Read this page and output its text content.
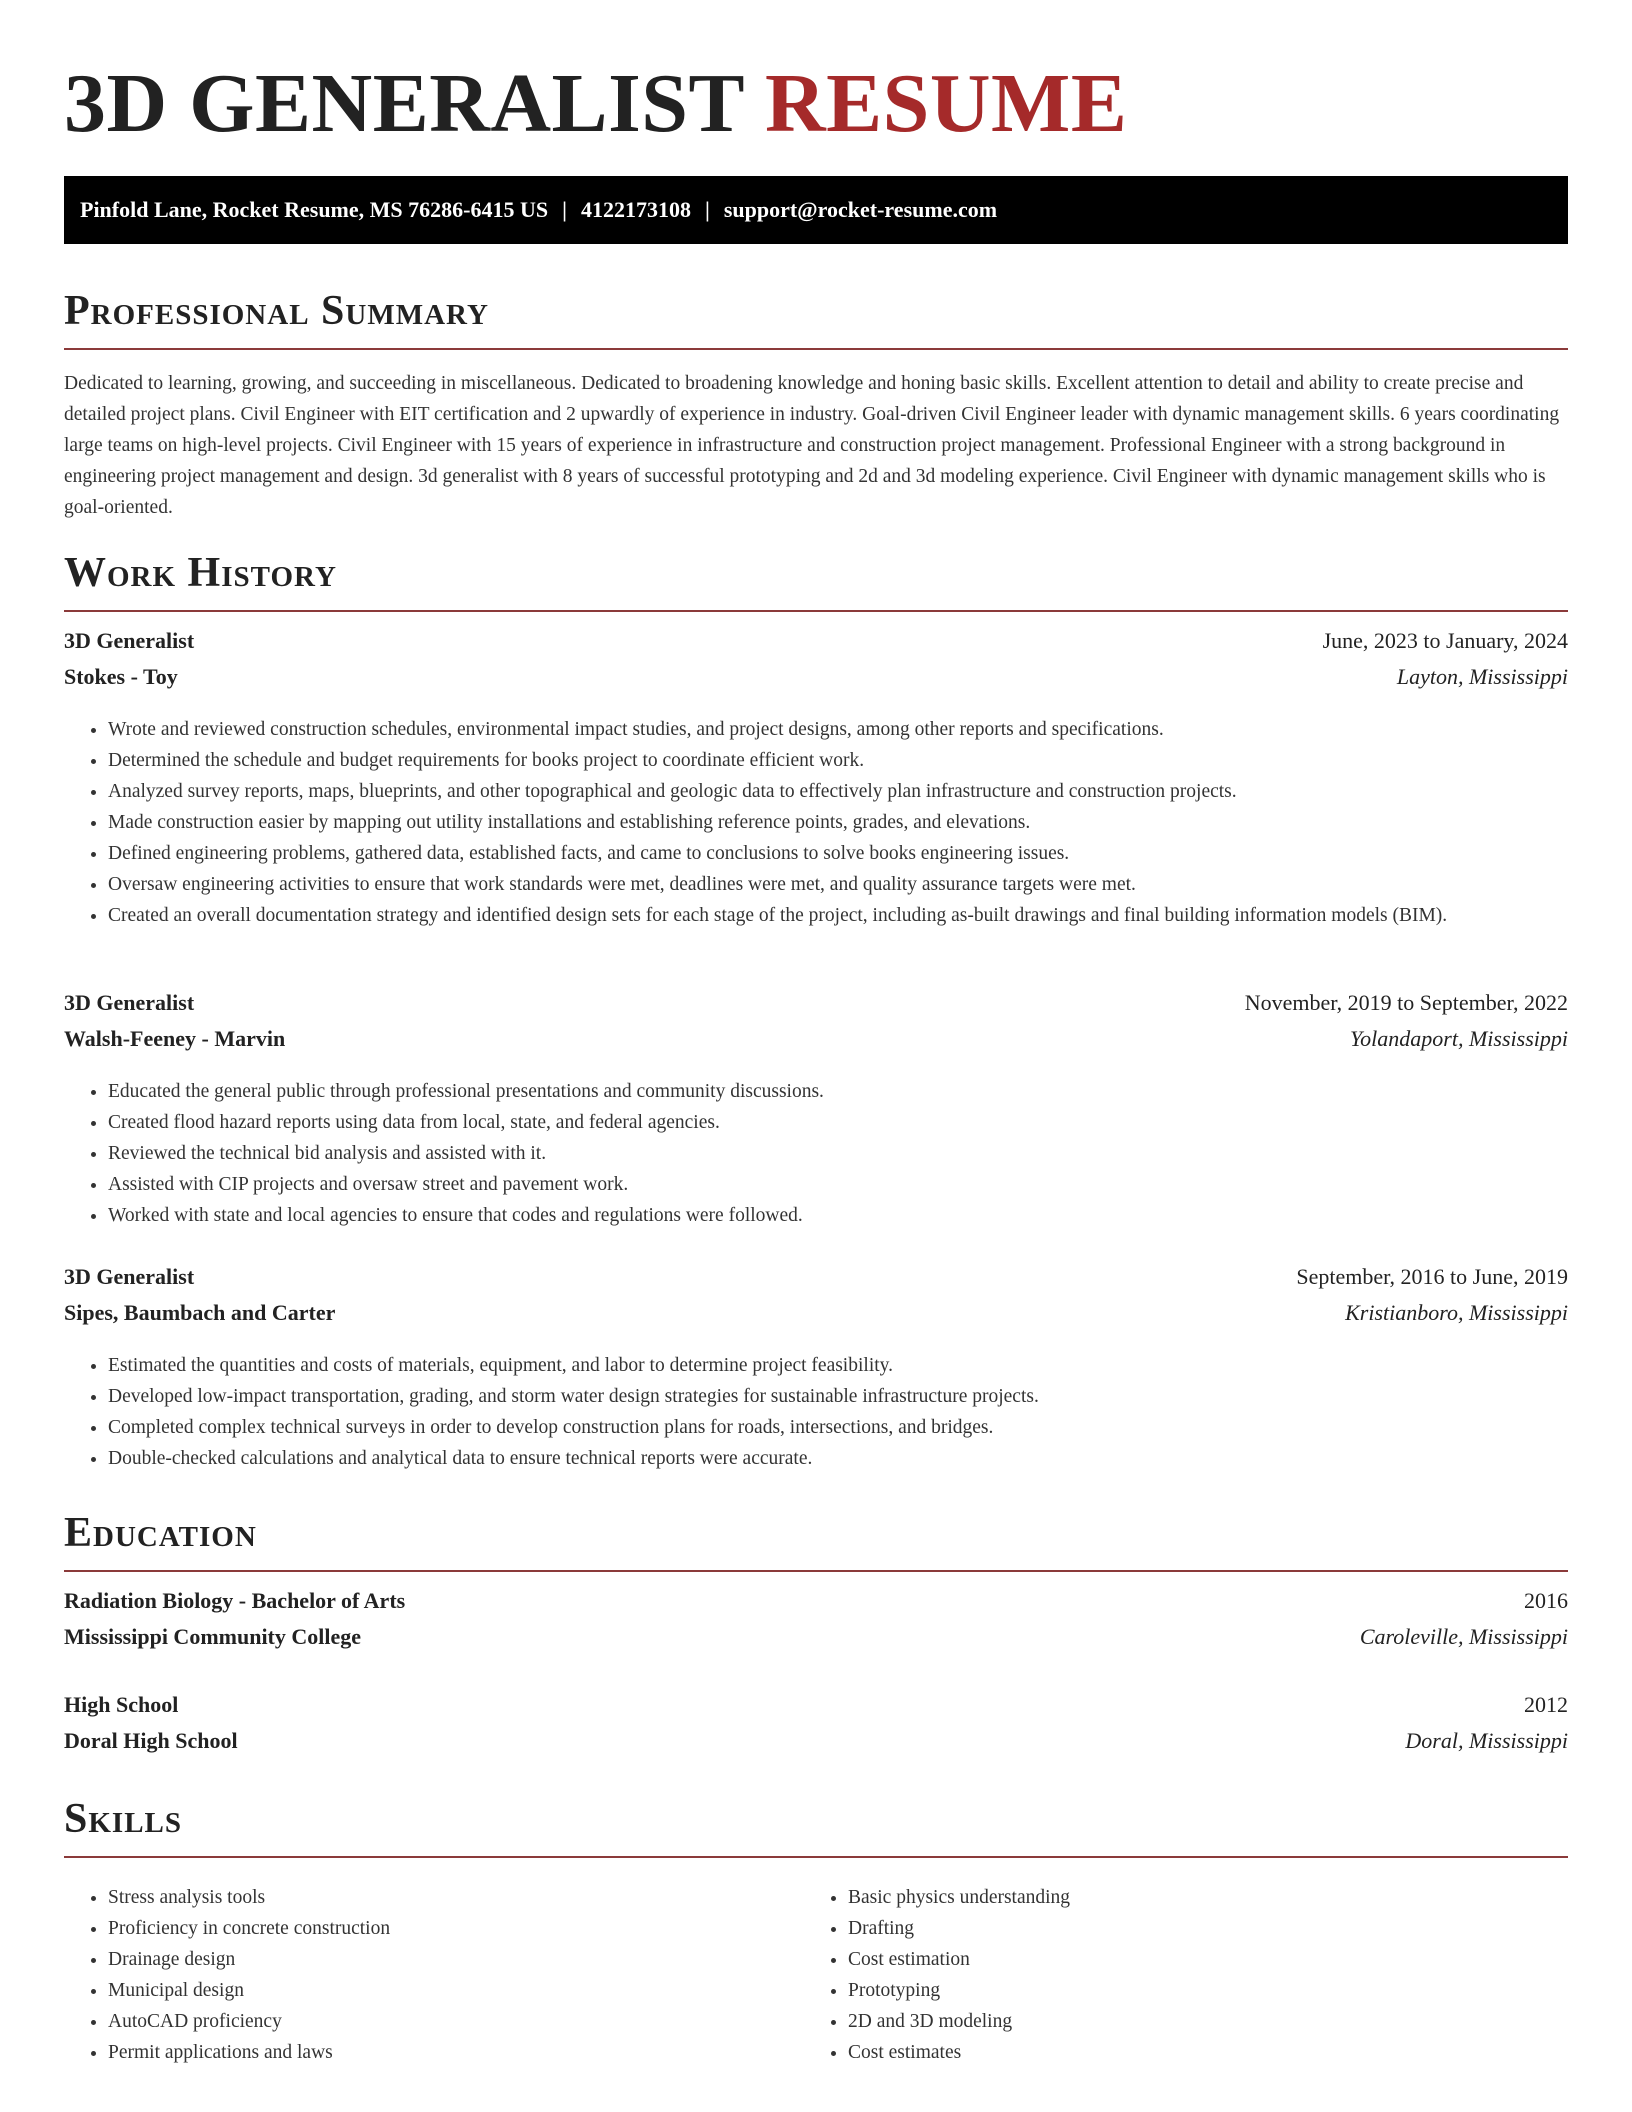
3D GENERALIST RESUME
Pinfold Lane, Rocket Resume, MS 76286-6415 US | 4122173108 | support@rocket-resume.com
Professional Summary

Dedicated to learning, growing, and succeeding in miscellaneous. Dedicated to broadening knowledge and honing basic skills. Excellent attention to detail and ability to create precise and detailed project plans. Civil Engineer with EIT certification and 2 upwardly of experience in industry. Goal-driven Civil Engineer leader with dynamic management skills. 6 years coordinating large teams on high-level projects. Civil Engineer with 15 years of experience in infrastructure and construction project management. Professional Engineer with a strong background in engineering project management and design. 3d generalist with 8 years of successful prototyping and 2d and 3d modeling experience. Civil Engineer with dynamic management skills who is goal-oriented.

Work History
3D Generalist	June, 2023 to January, 2024
Stokes - Toy	Layton, Mississippi
• Wrote and reviewed construction schedules, environmental impact studies, and project designs, among other reports and specifications.
• Determined the schedule and budget requirements for books project to coordinate efficient work.
• Analyzed survey reports, maps, blueprints, and other topographical and geologic data to effectively plan infrastructure and construction projects.
• Made construction easier by mapping out utility installations and establishing reference points, grades, and elevations.
• Defined engineering problems, gathered data, established facts, and came to conclusions to solve books engineering issues.
• Oversaw engineering activities to ensure that work standards were met, deadlines were met, and quality assurance targets were met.
• Created an overall documentation strategy and identified design sets for each stage of the project, including as-built drawings and final building information models (BIM).
3D Generalist	November, 2019 to September, 2022
Walsh-Feeney - Marvin	Yolandaport, Mississippi
• Educated the general public through professional presentations and community discussions.
• Created flood hazard reports using data from local, state, and federal agencies.
• Reviewed the technical bid analysis and assisted with it.
• Assisted with CIP projects and oversaw street and pavement work.
• Worked with state and local agencies to ensure that codes and regulations were followed.
3D Generalist	September, 2016 to June, 2019
Sipes, Baumbach and Carter	Kristianboro, Mississippi
• Estimated the quantities and costs of materials, equipment, and labor to determine project feasibility.
• Developed low-impact transportation, grading, and storm water design strategies for sustainable infrastructure projects.
• Completed complex technical surveys in order to develop construction plans for roads, intersections, and bridges.
• Double-checked calculations and analytical data to ensure technical reports were accurate.
Education
Radiation Biology - Bachelor of Arts	2016
Mississippi Community College	Caroleville, Mississippi
High School	2012
Doral High School	Doral, Mississippi
Skills
• Stress analysis tools
• Proficiency in concrete construction
• Drainage design
• Municipal design
• AutoCAD proficiency
• Permit applications and laws
• Basic physics understanding
• Drafting
• Cost estimation
• Prototyping
• 2D and 3D modeling
• Cost estimates
